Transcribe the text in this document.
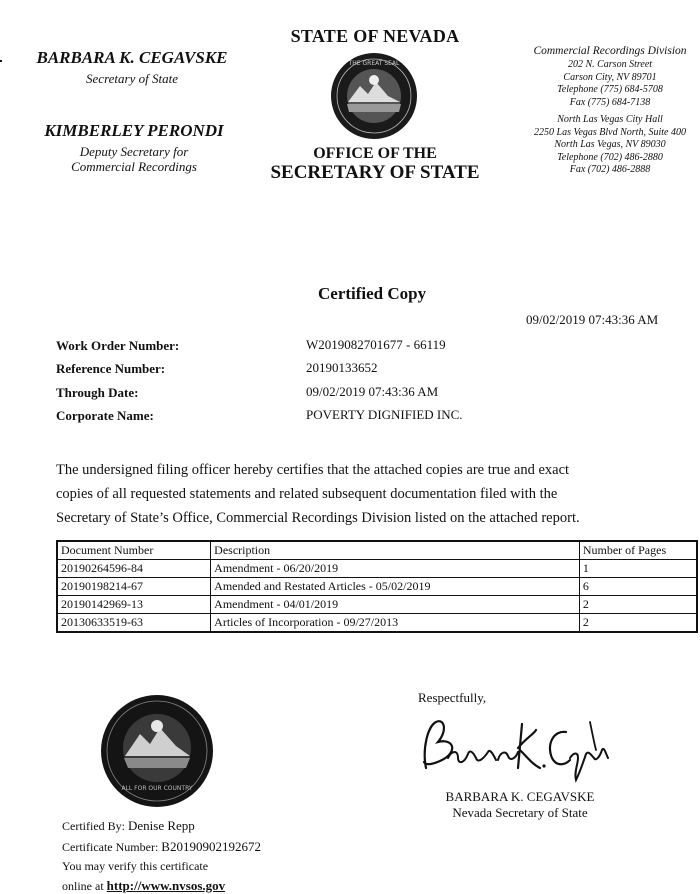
BARBARA K. CEGAVSKE
Secretary of State
KIMBERLEY PERONDI
Deputy Secretary for
Commercial Recordings
STATE OF NEVADA
THE GREAT SEAL
OFFICE OF THE
SECRETARY OF STATE
Commercial Recordings Division
202 N. Carson Street
Carson City, NV 89701
Telephone (775) 684-5708
Fax (775) 684-7138
North Las Vegas City Hall
2250 Las Vegas Blvd North, Suite 400
North Las Vegas, NV 89030
Telephone (702) 486-2880
Fax (702) 486-2888
Certified Copy
09/02/2019 07:43:36 AM
Work Order Number:	W2019082701677 - 66119
Reference Number:	20190133652
Through Date:	09/02/2019 07:43:36 AM
Corporate Name:	POVERTY DIGNIFIED INC.
The undersigned filing officer hereby certifies that the attached copies are true and exact
copies of all requested statements and related subsequent documentation filed with the
Secretary of State’s Office, Commercial Recordings Division listed on the attached report.
Document Number	Description	Number of Pages
20190264596-84	Amendment - 06/20/2019	1
20190198214-67	Amended and Restated Articles - 05/02/2019	6
20190142969-13	Amendment - 04/01/2019	2
20130633519-63	Articles of Incorporation - 09/27/2013	2
ALL FOR OUR COUNTRY
Respectfully,
BARBARA K. CEGAVSKE
Nevada Secretary of State
Certified By: Denise Repp
Certificate Number: B20190902192672
You may verify this certificate
online at http://www.nvsos.gov
